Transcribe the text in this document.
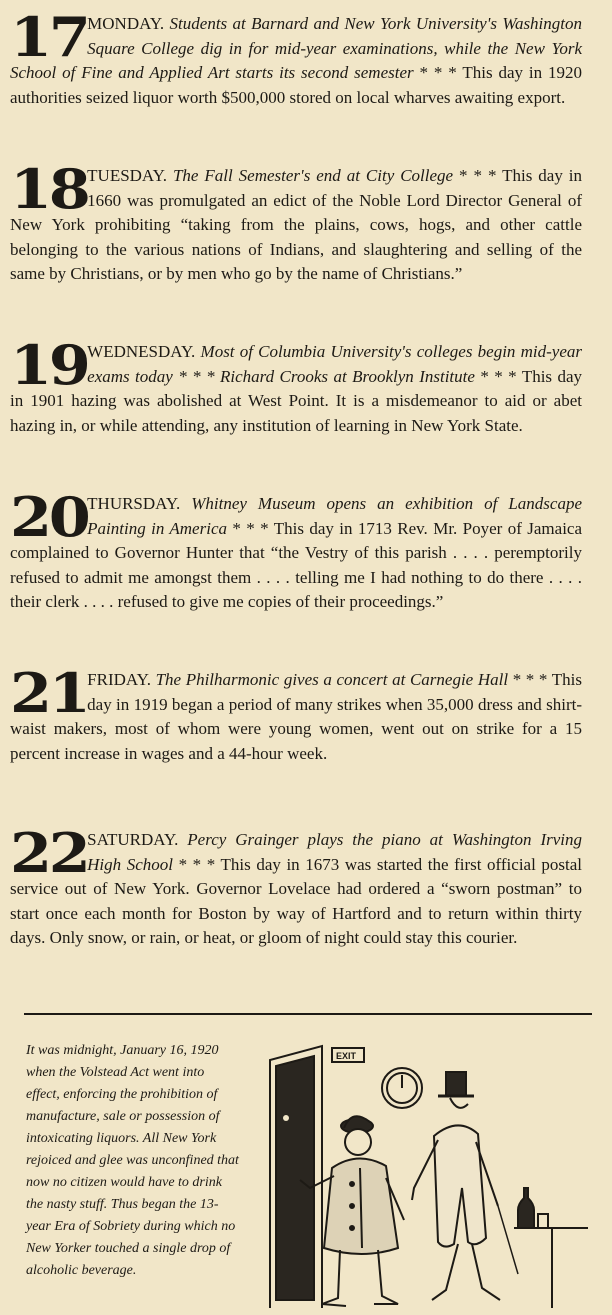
17 MONDAY. Students at Barnard and New York University's Washington Square College dig in for mid-year examinations, while the New York School of Fine and Applied Art starts its second semester * * * This day in 1920 authorities seized liquor worth $500,000 stored on local wharves awaiting export.
18 TUESDAY. The Fall Semester's end at City College * * * This day in 1660 was promulgated an edict of the Noble Lord Director General of New York prohibiting “taking from the plains, cows, hogs, and other cattle belonging to the various nations of Indians, and slaughtering and selling of the same by Christians, or by men who go by the name of Christians.”
19 WEDNESDAY. Most of Columbia University's colleges begin mid-year exams today * * * Richard Crooks at Brooklyn Institute * * * This day in 1901 hazing was abolished at West Point. It is a misdemeanor to aid or abet hazing in, or while attending, any institution of learning in New York State.
20 THURSDAY. Whitney Museum opens an exhibition of Landscape Painting in America * * * This day in 1713 Rev. Mr. Poyer of Jamaica complained to Governor Hunter that “the Vestry of this parish . . . . peremptorily refused to admit me amongst them . . . . telling me I had nothing to do there . . . . their clerk . . . . refused to give me copies of their proceedings.”
21 FRIDAY. The Philharmonic gives a concert at Carnegie Hall * * * This day in 1919 began a period of many strikes when 35,000 dress and shirt-waist makers, most of whom were young women, went out on strike for a 15 percent increase in wages and a 44-hour week.
22 SATURDAY. Percy Grainger plays the piano at Washington Irving High School * * * This day in 1673 was started the first official postal service out of New York. Governor Lovelace had ordered a “sworn postman” to start once each month for Boston by way of Hartford and to return within thirty days. Only snow, or rain, or heat, or gloom of night could stay this courier.

It was midnight, January 16, 1920 when the Volstead Act went into effect, enforcing the prohibition of manufacture, sale or possession of intoxicating liquors. All New York rejoiced and glee was unconfined that now no citizen would have to drink the nasty stuff. Thus began the 13-year Era of Sobriety during which no New Yorker touched a single drop of alcoholic beverage.

EXIT
